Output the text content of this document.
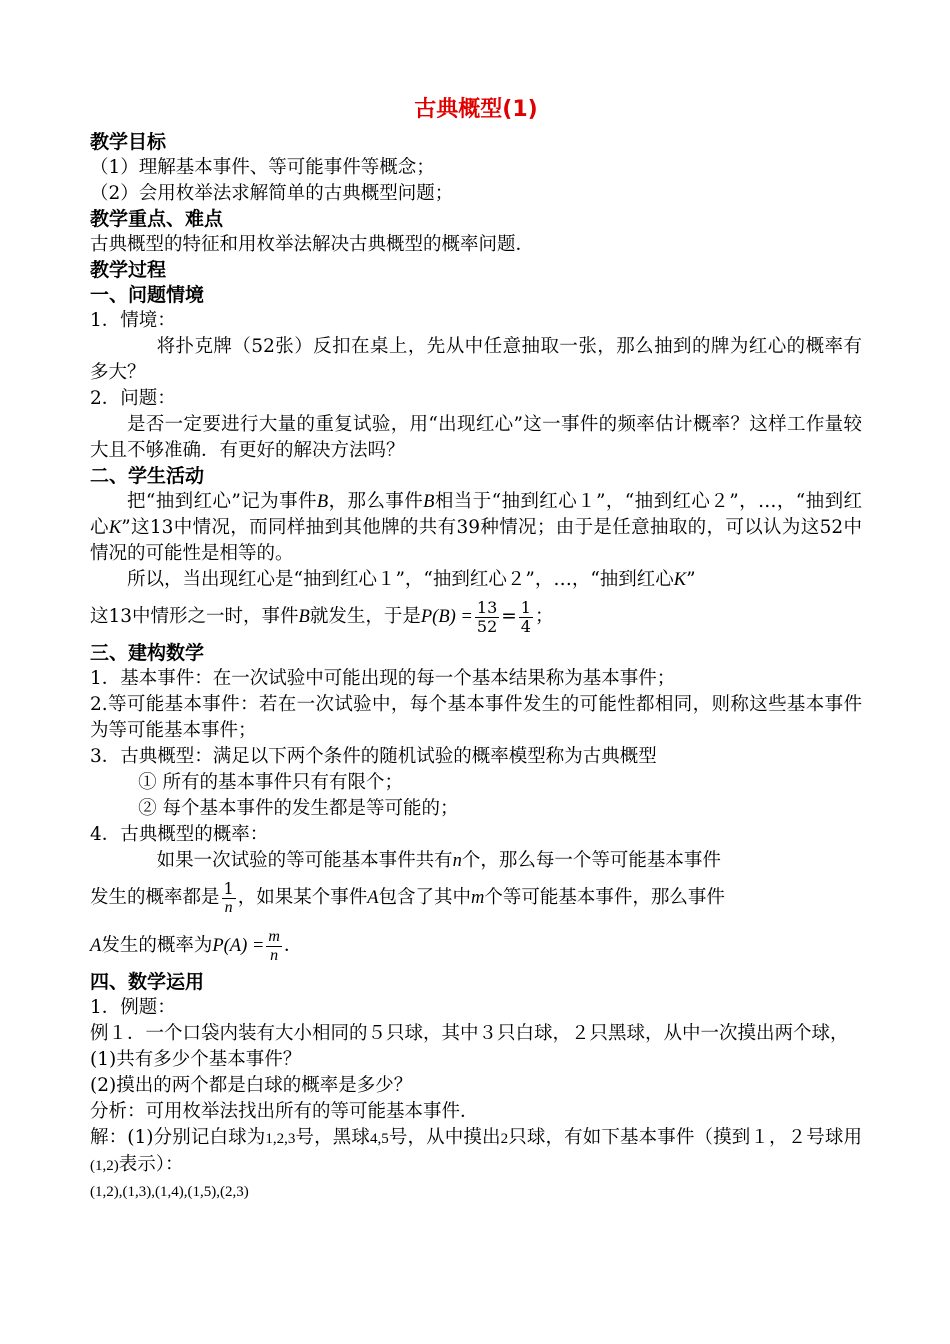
古典概型(1)

教学目标

（1）理解基本事件、等可能事件等概念；

（2）会用枚举法求解简单的古典概型问题；

教学重点、难点

古典概型的特征和用枚举法解决古典概型的概率问题．

教学过程

一、问题情境

1．情境：

将扑克牌（52张）反扣在桌上，先从中任意抽取一张，那么抽到的牌为红心的概率有多大？

2．问题：

是否一定要进行大量的重复试验，用“出现红心”这一事件的频率估计概率？这样工作量较大且不够准确．有更好的解决方法吗？

二、学生活动

把“抽到红心”记为事件B，那么事件B相当于“抽到红心１”，“抽到红心２”，…，“抽到红心K”这13中情况，而同样抽到其他牌的共有39种情况；由于是任意抽取的，可以认为这52中情况的可能性是相等的。

所以，当出现红心是“抽到红心１”，“抽到红心２”，…，“抽到红心K”

这13中情形之一时，事件B就发生，于是$P(B) = \frac{13}{52} = \frac{1}{4}$ ；

三、建构数学

1．基本事件：在一次试验中可能出现的每一个基本结果称为基本事件；

2.等可能基本事件：若在一次试验中，每个基本事件发生的可能性都相同，则称这些基本事件为等可能基本事件；

3．古典概型：满足以下两个条件的随机试验的概率模型称为古典概型

① 所有的基本事件只有有限个；

② 每个基本事件的发生都是等可能的；

4．古典概型的概率：

如果一次试验的等可能基本事件共有n个，那么每一个等可能基本事件

发生的概率都是 $\frac{1}{n}$ ，如果某个事件A包含了其中m个等可能基本事件，那么事件

A发生的概率为$P(A) = \frac{m}{n}$ ．

四、数学运用

1．例题：

例１．一个口袋内装有大小相同的５只球，其中３只白球，２只黑球，从中一次摸出两个球，

(1)共有多少个基本事件？

(2)摸出的两个都是白球的概率是多少？

分析：可用枚举法找出所有的等可能基本事件．

解：(1)分别记白球为1,2,3号，黑球4,5号，从中摸出2只球，有如下基本事件（摸到１，２号球用(1,2)表示）：

(1,2),(1,3),(1,4),(1,5),(2,3)
